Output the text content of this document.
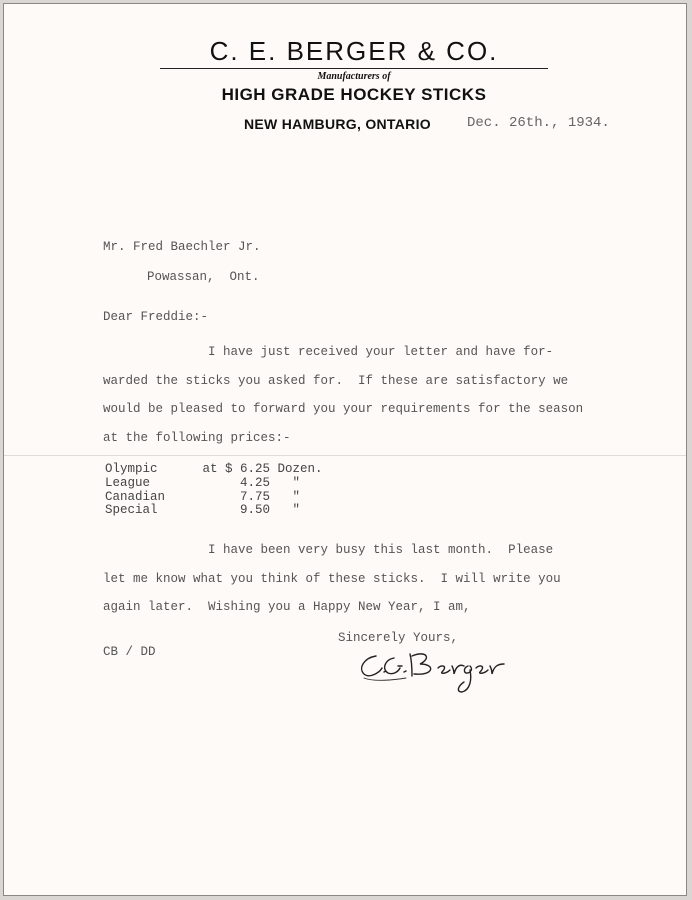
C. E. BERGER & CO.
Manufacturers of
HIGH GRADE HOCKEY STICKS
NEW HAMBURG, ONTARIO	Dec. 26th., 1934.
Mr. Fred Baechler Jr.
Powassan,  Ont.
Dear Freddie:-
I have just received your letter and have for-
warded the sticks you asked for.  If these are satisfactory we
would be pleased to forward you your requirements for the season
at the following prices:-
Olympic      at $ 6.25 Dozen.
League            4.25   "
Canadian          7.75   "
Special           9.50   "
I have been very busy this last month.  Please
let me know what you think of these sticks.  I will write you
again later.  Wishing you a Happy New Year, I am,
Sincerely Yours,
CB / DD
